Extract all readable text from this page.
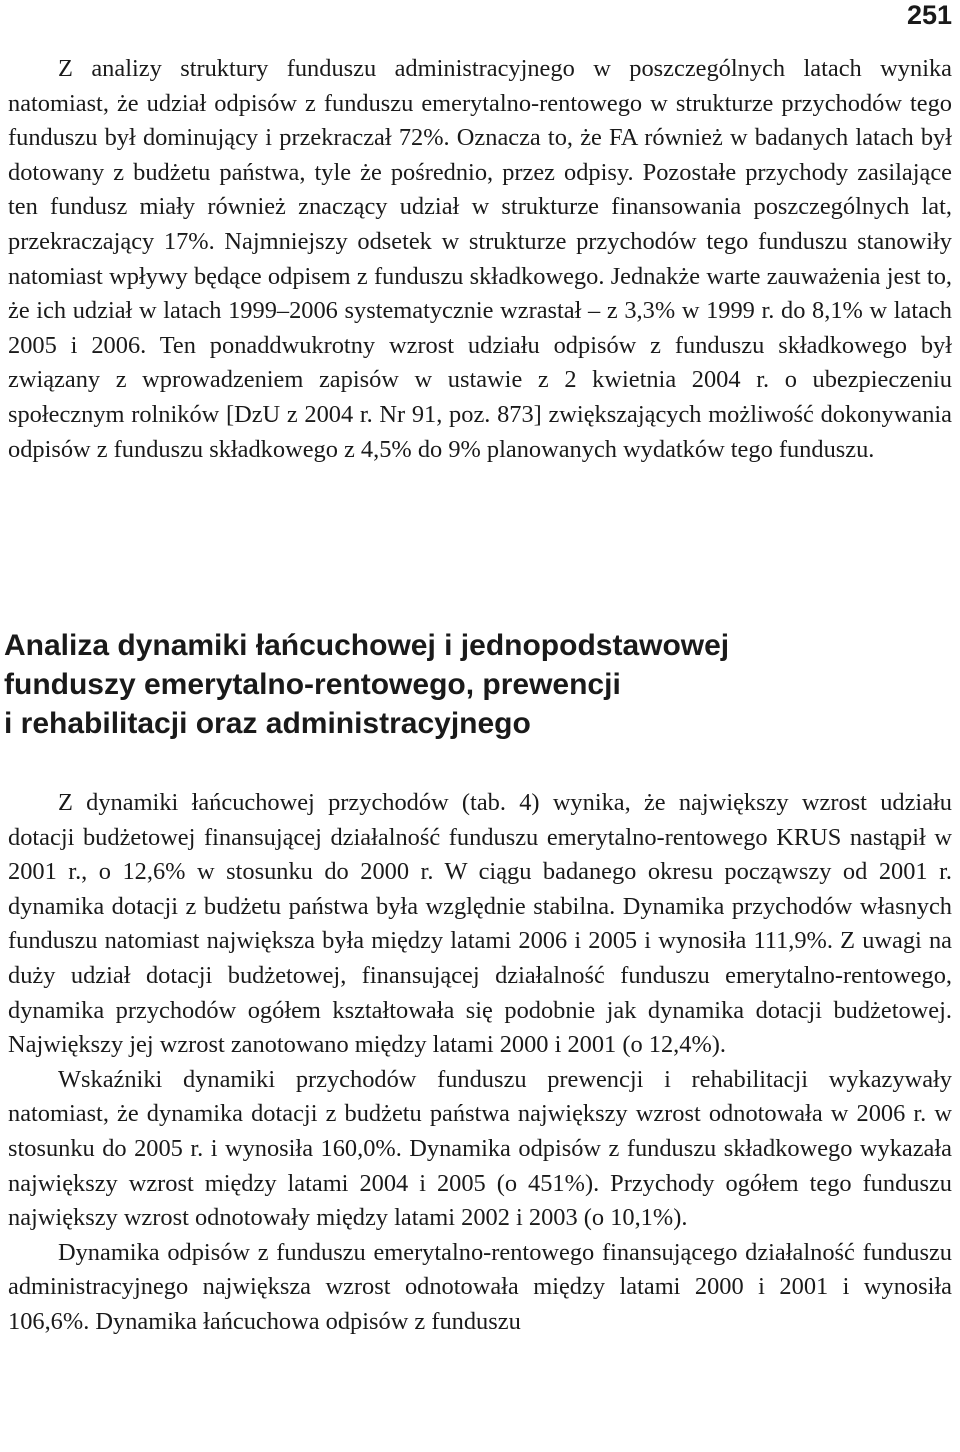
251

Z analizy struktury funduszu administracyjnego w poszczególnych latach wynika natomiast, że udział odpisów z funduszu emerytalno-rentowego w strukturze przychodów tego funduszu był dominujący i przekraczał 72%. Oznacza to, że FA również w badanych latach był dotowany z budżetu państwa, tyle że pośrednio, przez odpisy. Pozostałe przychody zasilające ten fundusz miały również znaczący udział w strukturze finansowania poszczególnych lat, przekraczający 17%. Najmniejszy odsetek w strukturze przychodów tego funduszu stanowiły natomiast wpływy będące odpisem z funduszu składkowego. Jednakże warte zauważenia jest to, że ich udział w latach 1999–2006 systematycznie wzrastał – z 3,3% w 1999 r. do 8,1% w latach 2005 i 2006. Ten ponaddwukrotny wzrost udziału odpisów z funduszu składkowego był związany z wprowadzeniem zapisów w ustawie z 2 kwietnia 2004 r. o ubezpieczeniu społecznym rolników [DzU z 2004 r. Nr 91, poz. 873] zwiększających możliwość dokonywania odpisów z funduszu składkowego z 4,5% do 9% planowanych wydatków tego funduszu.

Analiza dynamiki łańcuchowej i jednopodstawowej
funduszy emerytalno-rentowego, prewencji
i rehabilitacji oraz administracyjnego

Z dynamiki łańcuchowej przychodów (tab. 4) wynika, że największy wzrost udziału dotacji budżetowej finansującej działalność funduszu emerytalno-rentowego KRUS nastąpił w 2001 r., o 12,6% w stosunku do 2000 r. W ciągu badanego okresu począwszy od 2001 r. dynamika dotacji z budżetu państwa była względnie stabilna. Dynamika przychodów własnych funduszu natomiast największa była między latami 2006 i 2005 i wynosiła 111,9%. Z uwagi na duży udział dotacji budżetowej, finansującej działalność funduszu emerytalno-rentowego, dynamika przychodów ogółem kształtowała się podobnie jak dynamika dotacji budżetowej. Największy jej wzrost zanotowano między latami 2000 i 2001 (o 12,4%).

Wskaźniki dynamiki przychodów funduszu prewencji i rehabilitacji wykazywały natomiast, że dynamika dotacji z budżetu państwa największy wzrost odnotowała w 2006 r. w stosunku do 2005 r. i wynosiła 160,0%. Dynamika odpisów z funduszu składkowego wykazała największy wzrost między latami 2004 i 2005 (o 451%). Przychody ogółem tego funduszu największy wzrost odnotowały między latami 2002 i 2003 (o 10,1%).

Dynamika odpisów z funduszu emerytalno-rentowego finansującego działalność funduszu administracyjnego największa wzrost odnotowała między latami 2000 i 2001 i wynosiła 106,6%. Dynamika łańcuchowa odpisów z funduszu
